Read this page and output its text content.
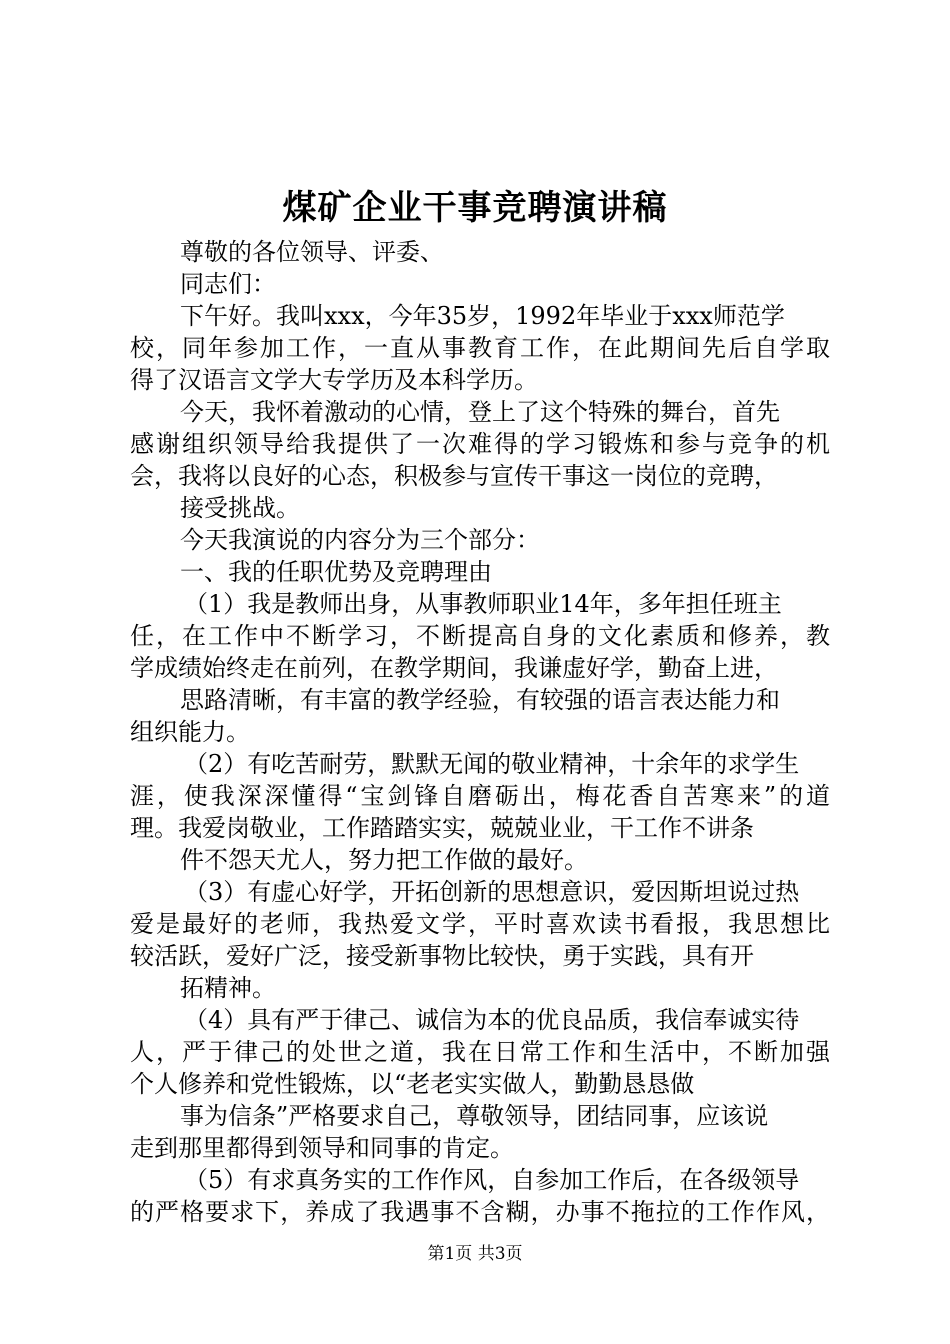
煤矿企业干事竞聘演讲稿
尊敬的各位领导、评委、
同志们：
下午好。我叫xxx，今年35岁，1992年毕业于xxx师范学
校，同年参加工作，一直从事教育工作，在此期间先后自学取
得了汉语言文学大专学历及本科学历。
今天，我怀着激动的心情，登上了这个特殊的舞台，首先
感谢组织领导给我提供了一次难得的学习锻炼和参与竞争的机
会，我将以良好的心态，积极参与宣传干事这一岗位的竞聘，
接受挑战。
今天我演说的内容分为三个部分：
一、我的任职优势及竞聘理由
（1）我是教师出身，从事教师职业14年，多年担任班主
任，在工作中不断学习，不断提高自身的文化素质和修养，教
学成绩始终走在前列，在教学期间，我谦虚好学，勤奋上进，
思路清晰，有丰富的教学经验，有较强的语言表达能力和
组织能力。
（2）有吃苦耐劳，默默无闻的敬业精神，十余年的求学生
涯，使我深深懂得“宝剑锋自磨砺出，梅花香自苦寒来”的道
理。我爱岗敬业，工作踏踏实实，兢兢业业，干工作不讲条
件不怨天尤人，努力把工作做的最好。
（3）有虚心好学，开拓创新的思想意识，爱因斯坦说过热
爱是最好的老师，我热爱文学，平时喜欢读书看报，我思想比
较活跃，爱好广泛，接受新事物比较快，勇于实践，具有开
拓精神。
（4）具有严于律己、诚信为本的优良品质，我信奉诚实待
人，严于律己的处世之道，我在日常工作和生活中，不断加强
个人修养和党性锻炼，以“老老实实做人，勤勤恳恳做
事为信条”严格要求自己，尊敬领导，团结同事，应该说
走到那里都得到领导和同事的肯定。
（5）有求真务实的工作作风，自参加工作后，在各级领导
的严格要求下，养成了我遇事不含糊，办事不拖拉的工作作风，
第1页 共3页
